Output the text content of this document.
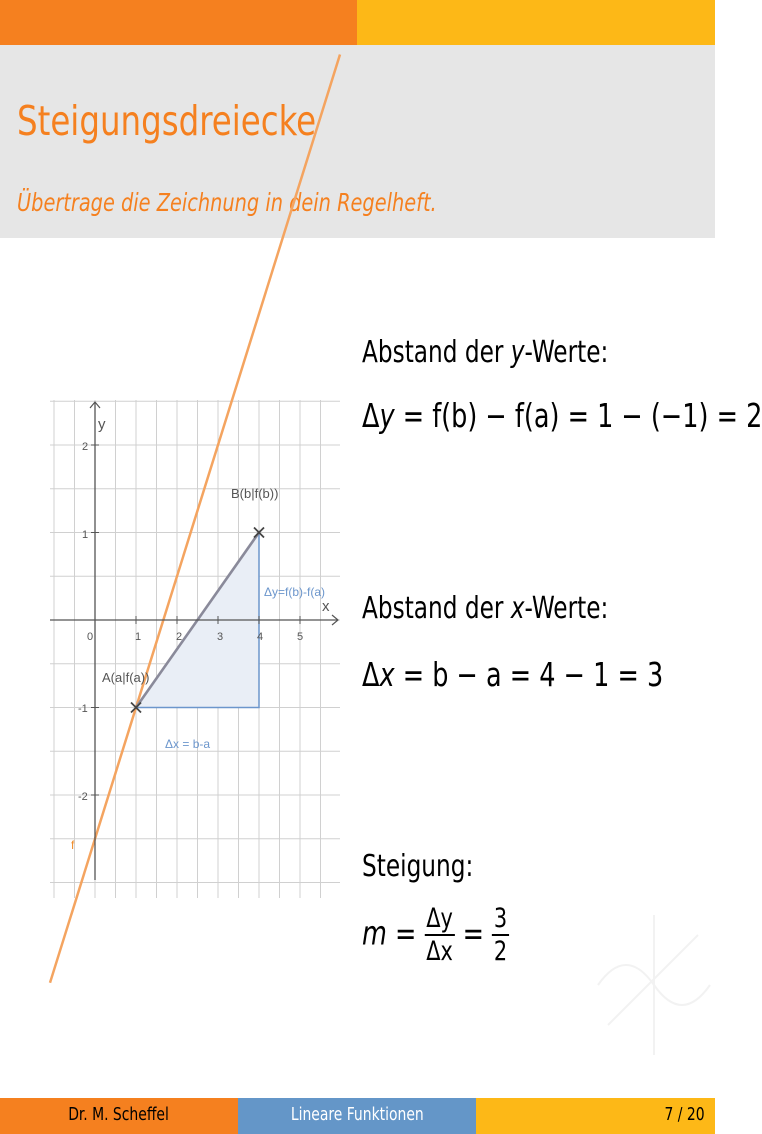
Steigungsdreiecke

Übertrage die Zeichnung in dein Regelheft.

0	1	2	3	4	5
2
1
-1
-2
x
y
f
B(b|f(b))
A(a|f(a))
Δy=f(b)-f(a)
Δx = b-a
Abstand der y-Werte:
Δy = f(b) − f(a) = 1 − (−1) = 2
Abstand der x-Werte:
Δx = b − a = 4 − 1 = 3
Steigung:
$m = \frac{\Delta y}{\Delta x} = \frac{3}{2}$
Dr. M. Scheffel	Lineare Funktionen	7 / 20
